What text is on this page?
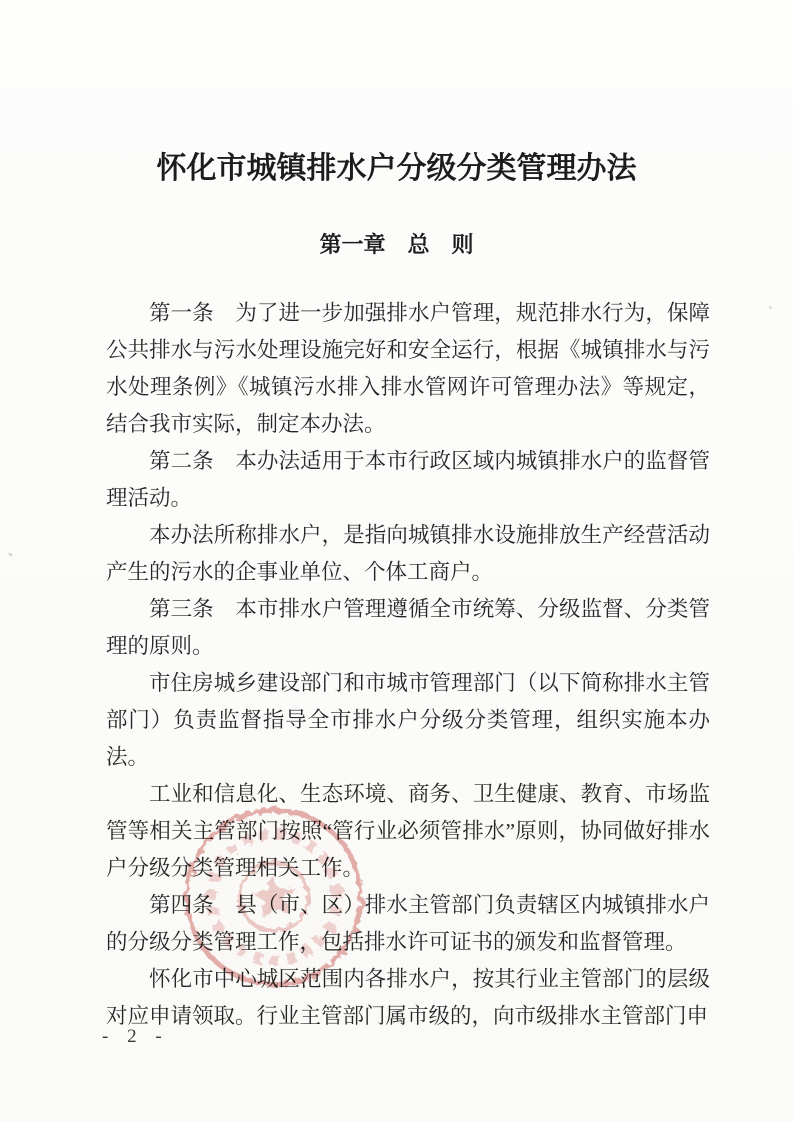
怀化市城镇排水户分级分类管理办法
第一章　总　则

第一条　为了进一步加强排水户管理，规范排水行为，保障公共排水与污水处理设施完好和安全运行，根据《城镇排水与污水处理条例》《城镇污水排入排水管网许可管理办法》等规定，结合我市实际，制定本办法。

第二条　本办法适用于本市行政区域内城镇排水户的监督管理活动。

本办法所称排水户，是指向城镇排水设施排放生产经营活动产生的污水的企事业单位、个体工商户。

第三条　本市排水户管理遵循全市统筹、分级监督、分类管理的原则。

市住房城乡建设部门和市城市管理部门（以下简称排水主管部门）负责监督指导全市排水户分级分类管理，组织实施本办法。

工业和信息化、生态环境、商务、卫生健康、教育、市场监管等相关主管部门按照“管行业必须管排水”原则，协同做好排水户分级分类管理相关工作。

第四条　县（市、区）排水主管部门负责辖区内城镇排水户的分级分类管理工作，包括排水许可证书的颁发和监督管理。

怀化市中心城区范围内各排水户，按其行业主管部门的层级对应申请领取。行业主管部门属市级的，向市级排水主管部门申

- 2 -
